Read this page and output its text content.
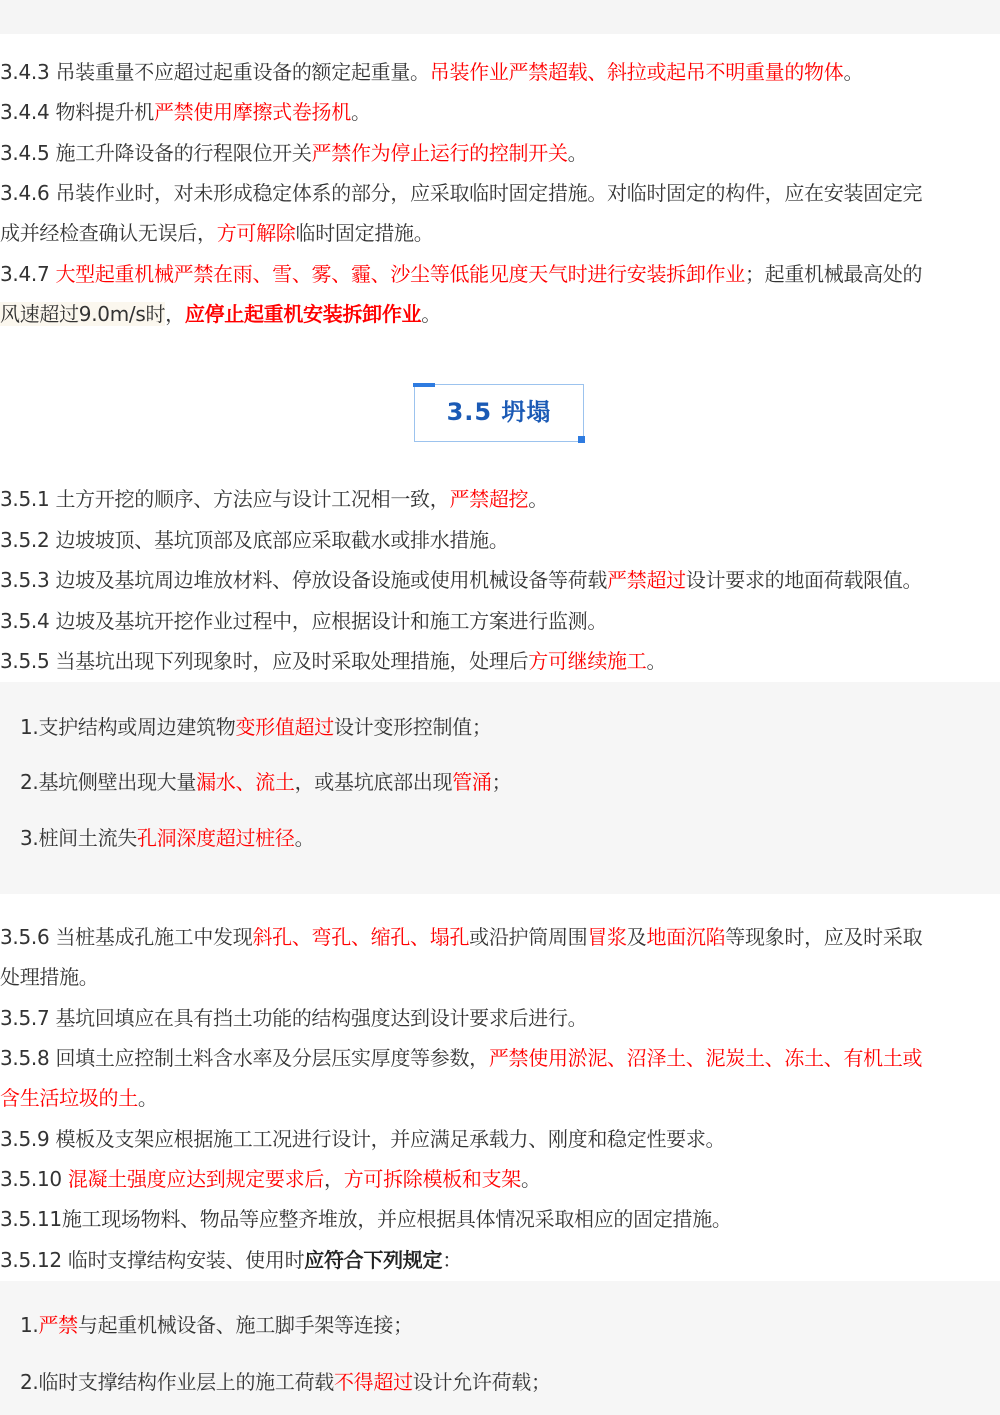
3.4.3 吊装重量不应超过起重设备的额定起重量。吊装作业严禁超载、斜拉或起吊不明重量的物体。

3.4.4 物料提升机严禁使用摩擦式卷扬机。

3.4.5 施工升降设备的行程限位开关严禁作为停止运行的控制开关。

3.4.6 吊装作业时，对未形成稳定体系的部分，应采取临时固定措施。对临时固定的构件，应在安装固定完

成并经检查确认无误后，方可解除临时固定措施。

3.4.7 大型起重机械严禁在雨、雪、雾、霾、沙尘等低能见度天气时进行安装拆卸作业；起重机械最高处的

风速超过9.0m/s时，应停止起重机安装拆卸作业。

3.5 坍塌

3.5.1 土方开挖的顺序、方法应与设计工况相一致，严禁超挖。

3.5.2 边坡坡顶、基坑顶部及底部应采取截水或排水措施。

3.5.3 边坡及基坑周边堆放材料、停放设备设施或使用机械设备等荷载严禁超过设计要求的地面荷载限值。

3.5.4 边坡及基坑开挖作业过程中，应根据设计和施工方案进行监测。

3.5.5 当基坑出现下列现象时，应及时采取处理措施，处理后方可继续施工。

1.支护结构或周边建筑物变形值超过设计变形控制值；

2.基坑侧壁出现大量漏水、流土，或基坑底部出现管涌；

3.桩间土流失孔洞深度超过桩径。

3.5.6 当桩基成孔施工中发现斜孔、弯孔、缩孔、塌孔或沿护筒周围冒浆及地面沉陷等现象时，应及时采取

处理措施。

3.5.7 基坑回填应在具有挡土功能的结构强度达到设计要求后进行。

3.5.8 回填土应控制土料含水率及分层压实厚度等参数，严禁使用淤泥、沼泽土、泥炭土、冻土、有机土或

含生活垃圾的土。

3.5.9 模板及支架应根据施工工况进行设计，并应满足承载力、刚度和稳定性要求。

3.5.10 混凝土强度应达到规定要求后，方可拆除模板和支架。

3.5.11施工现场物料、物品等应整齐堆放，并应根据具体情况采取相应的固定措施。

3.5.12 临时支撑结构安装、使用时应符合下列规定：

1.严禁与起重机械设备、施工脚手架等连接；

2.临时支撑结构作业层上的施工荷载不得超过设计允许荷载；
